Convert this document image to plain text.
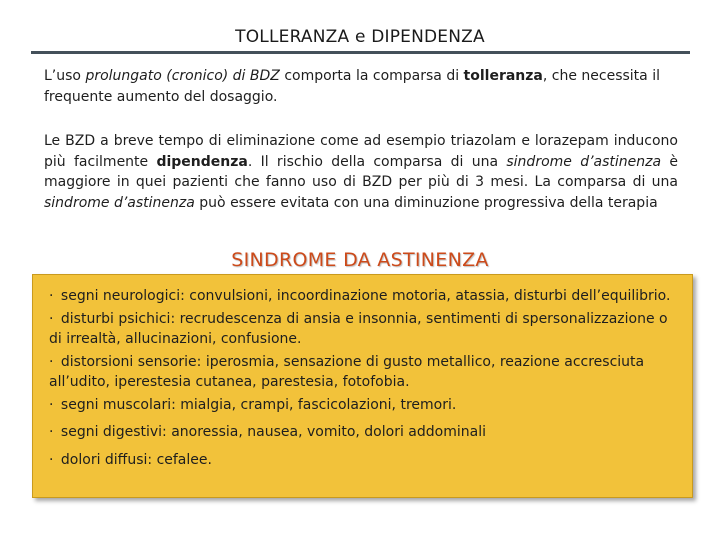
TOLLERANZA e DIPENDENZA

L’uso prolungato (cronico) di BDZ comporta la comparsa di tolleranza, che necessita il frequente aumento del dosaggio.

Le BZD a breve tempo di eliminazione come ad esempio triazolam e lorazepam inducono più facilmente dipendenza. Il rischio della comparsa di una sindrome d’astinenza è maggiore in quei pazienti che fanno uso di BZD per più di 3 mesi. La comparsa di una sindrome d’astinenza può essere evitata con una diminuzione progressiva della terapia

SINDROME DA ASTINENZA
· segni neurologici: convulsioni, incoordinazione motoria, atassia, disturbi dell’equilibrio.
· disturbi psichici: recrudescenza di ansia e insonnia, sentimenti di spersonalizzazione o di irrealtà, allucinazioni, confusione.
· distorsioni sensorie: iperosmia, sensazione di gusto metallico, reazione accresciuta all’udito, iperestesia cutanea, parestesia, fotofobia.
· segni muscolari: mialgia, crampi, fascicolazioni, tremori.
· segni digestivi: anoressia, nausea, vomito, dolori addominali
· dolori diffusi: cefalee.
